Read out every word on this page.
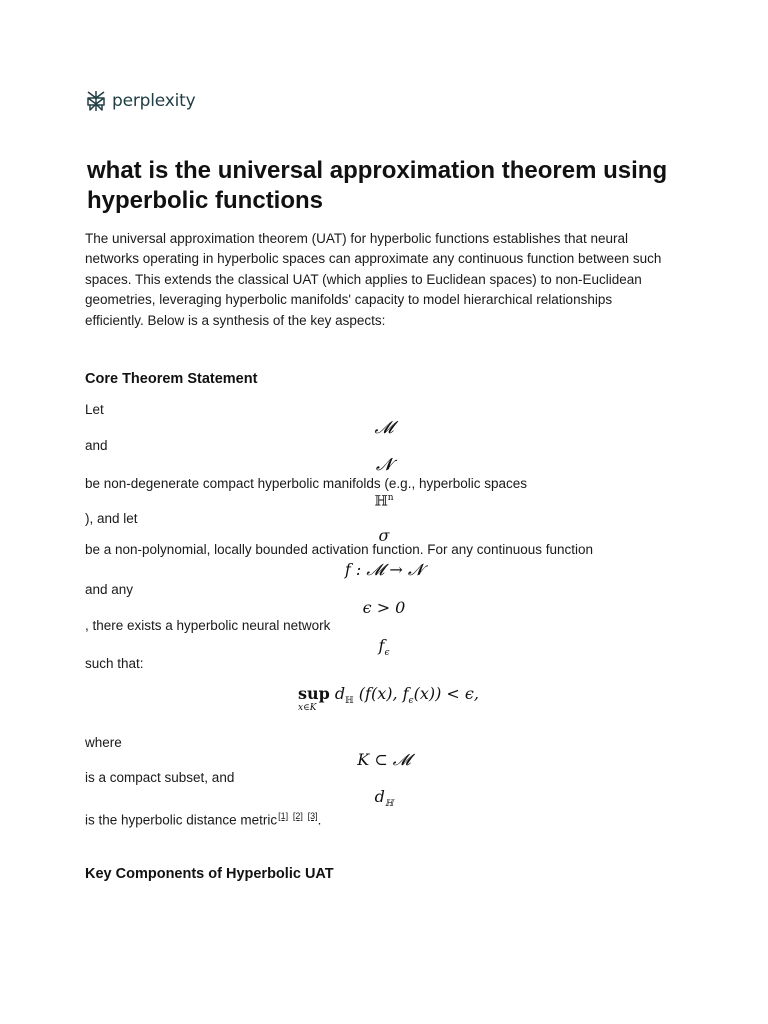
perplexity
what is the universal approximation theorem using hyperbolic functions

The universal approximation theorem (UAT) for hyperbolic functions establishes that neural networks operating in hyperbolic spaces can approximate any continuous function between such spaces. This extends the classical UAT (which applies to Euclidean spaces) to non-Euclidean geometries, leveraging hyperbolic manifolds' capacity to model hierarchical relationships efficiently. Below is a synthesis of the key aspects:

Core Theorem Statement

Let

𝓜

and

𝓝

be non-degenerate compact hyperbolic manifolds (e.g., hyperbolic spaces

ℍ$^n$

), and let

σ

be a non-polynomial, locally bounded activation function. For any continuous function

f : 𝓜 → 𝓝

and any

ϵ > 0

, there exists a hyperbolic neural network

$f_\epsilon$

such that:

sup
x∈K
$d_ℍ$ (f(x), $f_\epsilon(x)) < \epsilon$,

where

K ⊂ 𝓜

is a compact subset, and

$d_ℍ$

is the hyperbolic distance metric[1] [2] [3].

Key Components of Hyperbolic UAT
